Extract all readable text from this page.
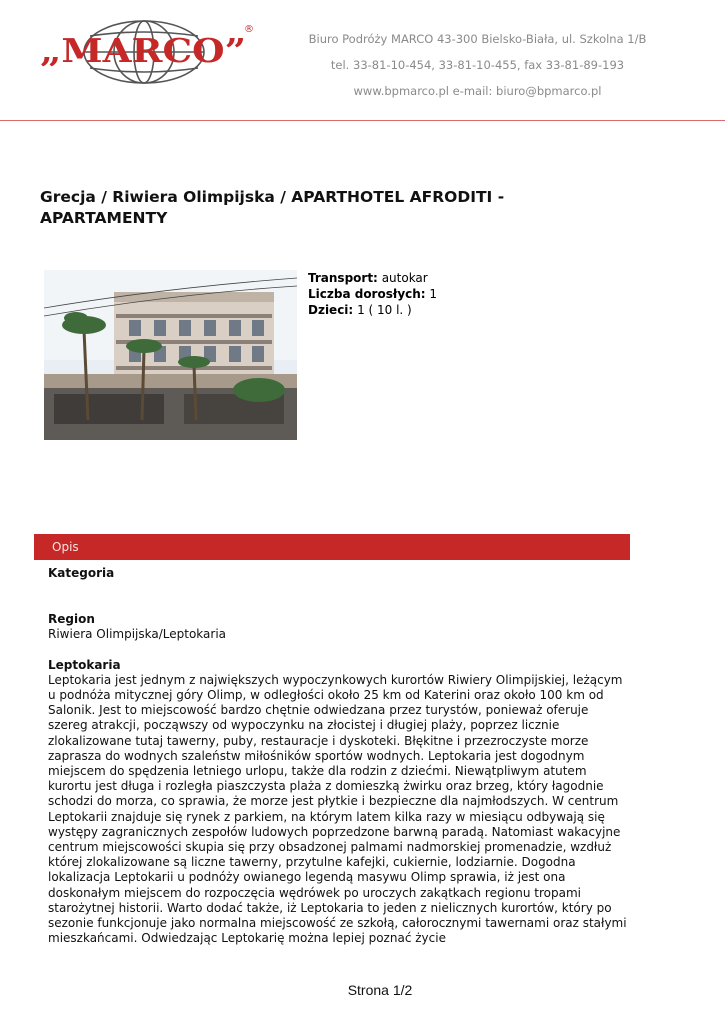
„MARCO”
®
Biuro Podróży MARCO 43-300 Bielsko-Biała, ul. Szkolna 1/B
tel. 33-81-10-454, 33-81-10-455, fax 33-81-89-193
www.bpmarco.pl e-mail: biuro@bpmarco.pl
Grecja / Riwiera Olimpijska / APARTHOTEL AFRODITI - APARTAMENTY
Transport: autokar
Liczba dorosłych: 1
Dzieci: 1 ( 10 l. )
Opis
Kategoria
Region
Riwiera Olimpijska/Leptokaria
Leptokaria
Leptokaria jest jednym z największych wypoczynkowych kurortów Riwiery Olimpijskiej, leżącym u podnóża mitycznej góry Olimp, w odległości około 25 km od Katerini oraz około 100 km od Salonik. Jest to miejscowość bardzo chętnie odwiedzana przez turystów, ponieważ oferuje szereg atrakcji, począwszy od wypoczynku na złocistej i długiej plaży, poprzez licznie zlokalizowane tutaj tawerny, puby, restauracje i dyskoteki. Błękitne i przezroczyste morze zaprasza do wodnych szaleństw miłośników sportów wodnych. Leptokaria jest dogodnym miejscem do spędzenia letniego urlopu, także dla rodzin z dziećmi. Niewątpliwym atutem kurortu jest długa i rozległa piaszczysta plaża z domieszką żwirku oraz brzeg, który łagodnie schodzi do morza, co sprawia, że morze jest płytkie i bezpieczne dla najmłodszych. W centrum Leptokarii znajduje się rynek z parkiem, na którym latem kilka razy w miesiącu odbywają się występy zagranicznych zespołów ludowych poprzedzone barwną paradą. Natomiast wakacyjne centrum miejscowości skupia się przy obsadzonej palmami nadmorskiej promenadzie, wzdłuż której zlokalizowane są liczne tawerny, przytulne kafejki, cukiernie, lodziarnie. Dogodna lokalizacja Leptokarii u podnóży owianego legendą masywu Olimp sprawia, iż jest ona doskonałym miejscem do rozpoczęcia wędrówek po uroczych zakątkach regionu tropami starożytnej historii. Warto dodać także, iż Leptokaria to jeden z nielicznych kurortów, który po sezonie funkcjonuje jako normalna miejscowość ze szkołą, całorocznymi tawernami oraz stałymi mieszkańcami. Odwiedzając Leptokarię można lepiej poznać życie
Strona 1/2
